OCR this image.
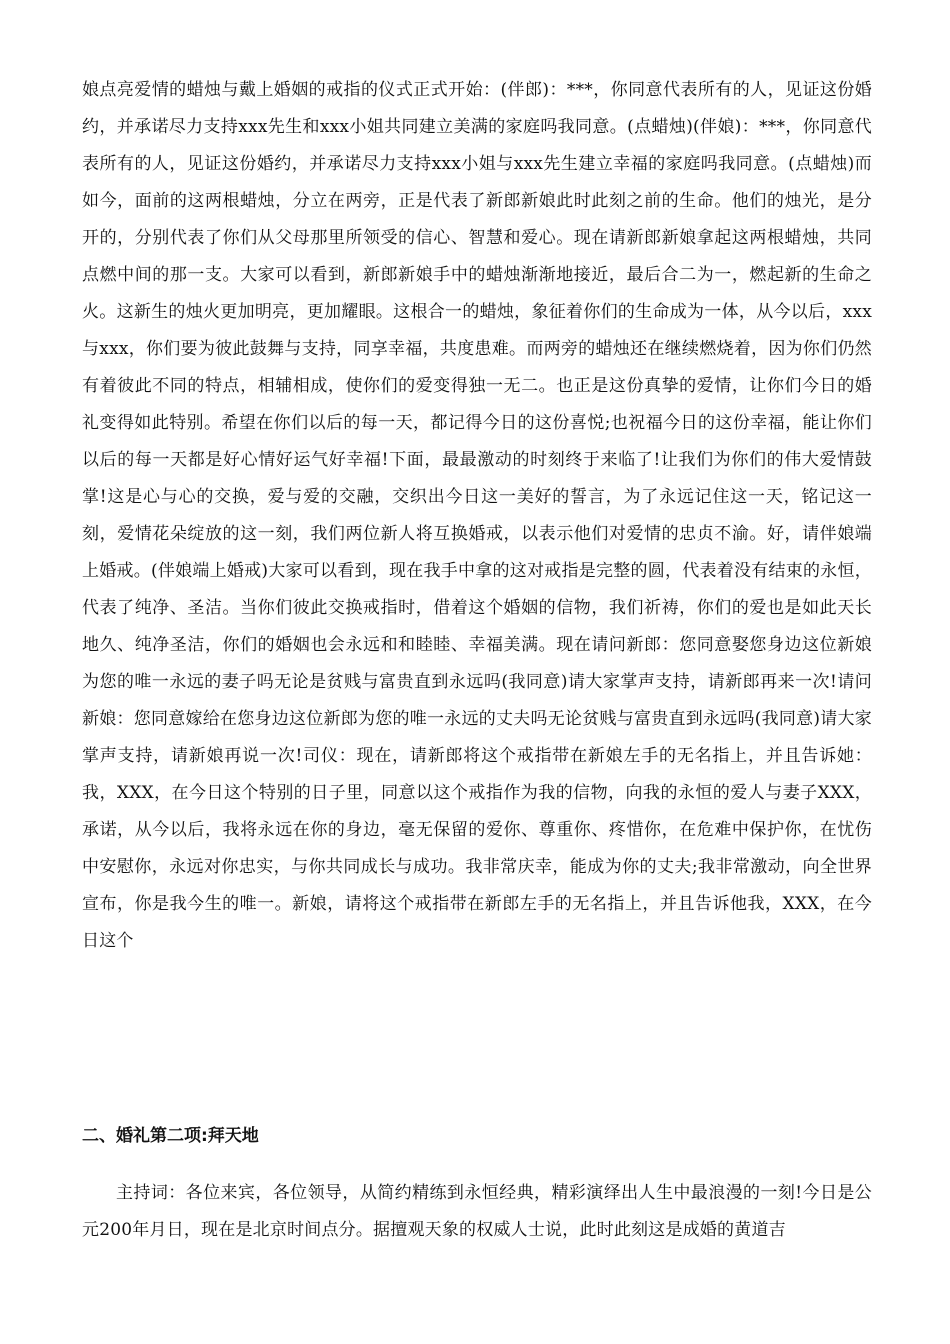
娘点亮爱情的蜡烛与戴上婚姻的戒指的仪式正式开始：(伴郎)：***，你同意代表所有的人，见证这份婚约，并承诺尽力支持xxx先生和xxx小姐共同建立美满的家庭吗我同意。(点蜡烛)(伴娘)：***，你同意代表所有的人，见证这份婚约，并承诺尽力支持xxx小姐与xxx先生建立幸福的家庭吗我同意。(点蜡烛)而如今，面前的这两根蜡烛，分立在两旁，正是代表了新郎新娘此时此刻之前的生命。他们的烛光，是分开的，分别代表了你们从父母那里所领受的信心、智慧和爱心。现在请新郎新娘拿起这两根蜡烛，共同点燃中间的那一支。大家可以看到，新郎新娘手中的蜡烛渐渐地接近，最后合二为一，燃起新的生命之火。这新生的烛火更加明亮，更加耀眼。这根合一的蜡烛，象征着你们的生命成为一体，从今以后，xxx与xxx，你们要为彼此鼓舞与支持，同享幸福，共度患难。而两旁的蜡烛还在继续燃烧着，因为你们仍然有着彼此不同的特点，相辅相成，使你们的爱变得独一无二。也正是这份真挚的爱情，让你们今日的婚礼变得如此特别。希望在你们以后的每一天，都记得今日的这份喜悦;也祝福今日的这份幸福，能让你们以后的每一天都是好心情好运气好幸福!下面，最最激动的时刻终于来临了!让我们为你们的伟大爱情鼓掌!这是心与心的交换，爱与爱的交融，交织出今日这一美好的誓言，为了永远记住这一天，铭记这一刻，爱情花朵绽放的这一刻，我们两位新人将互换婚戒，以表示他们对爱情的忠贞不渝。好，请伴娘端上婚戒。(伴娘端上婚戒)大家可以看到，现在我手中拿的这对戒指是完整的圆，代表着没有结束的永恒，代表了纯净、圣洁。当你们彼此交换戒指时，借着这个婚姻的信物，我们祈祷，你们的爱也是如此天长地久、纯净圣洁，你们的婚姻也会永远和和睦睦、幸福美满。现在请问新郎：您同意娶您身边这位新娘为您的唯一永远的妻子吗无论是贫贱与富贵直到永远吗(我同意)请大家掌声支持，请新郎再来一次!请问新娘：您同意嫁给在您身边这位新郎为您的唯一永远的丈夫吗无论贫贱与富贵直到永远吗(我同意)请大家掌声支持，请新娘再说一次!司仪：现在，请新郎将这个戒指带在新娘左手的无名指上，并且告诉她：我，XXX，在今日这个特别的日子里，同意以这个戒指作为我的信物，向我的永恒的爱人与妻子XXX，承诺，从今以后，我将永远在你的身边，毫无保留的爱你、尊重你、疼惜你，在危难中保护你，在忧伤中安慰你，永远对你忠实，与你共同成长与成功。我非常庆幸，能成为你的丈夫;我非常激动，向全世界宣布，你是我今生的唯一。新娘，请将这个戒指带在新郎左手的无名指上，并且告诉他我，XXX，在今日这个

二、婚礼第二项:拜天地

主持词：各位来宾，各位领导，从简约精练到永恒经典，精彩演绎出人生中最浪漫的一刻!今日是公元200年月日，现在是北京时间点分。据擅观天象的权威人士说，此时此刻这是成婚的黄道吉
